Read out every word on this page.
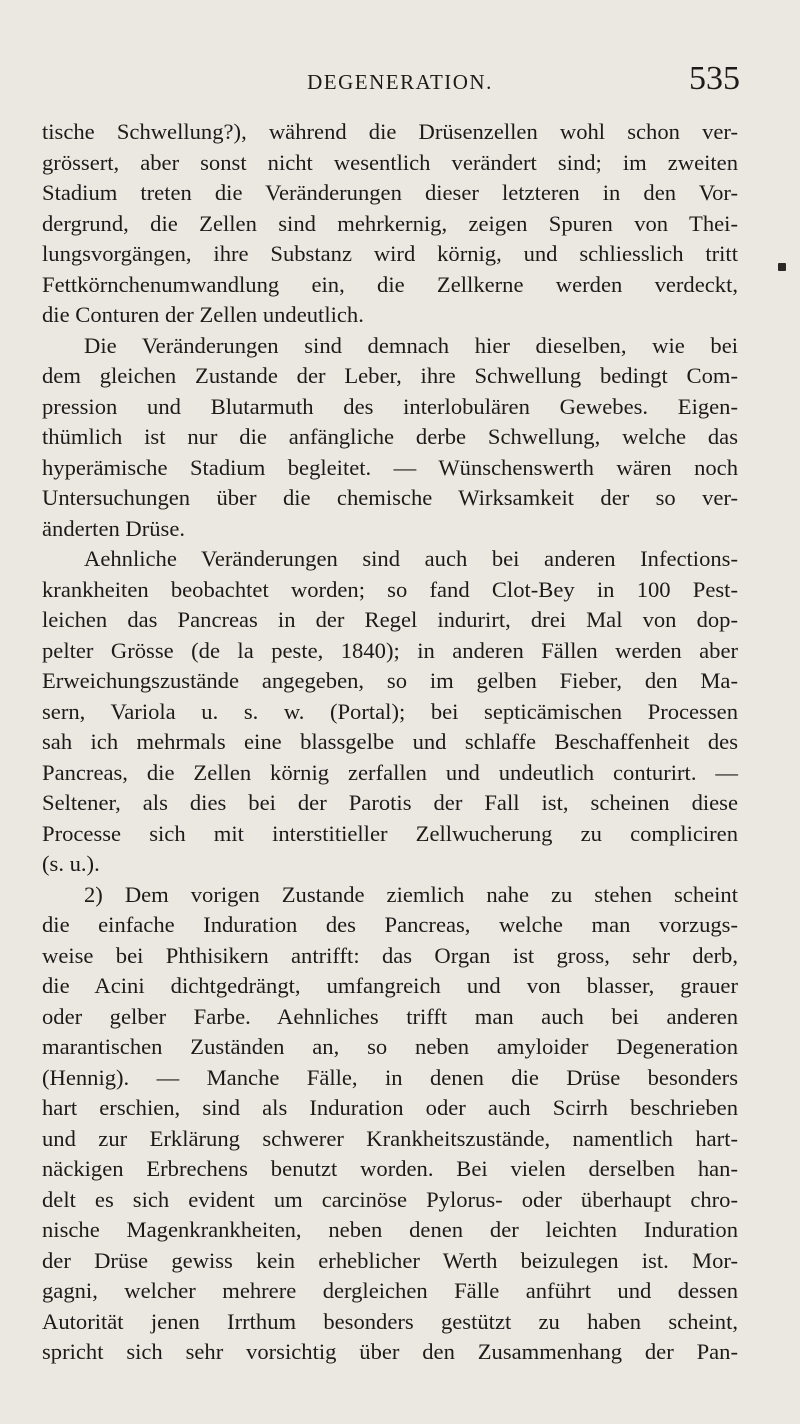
DEGENERATION.	535
tische Schwellung?), während die Drüsenzellen wohl schon ver-
grössert, aber sonst nicht wesentlich verändert sind; im zweiten
Stadium treten die Veränderungen dieser letzteren in den Vor-
dergrund, die Zellen sind mehrkernig, zeigen Spuren von Thei-
lungsvorgängen, ihre Substanz wird körnig, und schliesslich tritt
Fettkörnchenumwandlung ein, die Zellkerne werden verdeckt,
die Conturen der Zellen undeutlich.
Die Veränderungen sind demnach hier dieselben, wie bei
dem gleichen Zustande der Leber, ihre Schwellung bedingt Com-
pression und Blutarmuth des interlobulären Gewebes. Eigen-
thümlich ist nur die anfängliche derbe Schwellung, welche das
hyperämische Stadium begleitet. — Wünschenswerth wären noch
Untersuchungen über die chemische Wirksamkeit der so ver-
änderten Drüse.
Aehnliche Veränderungen sind auch bei anderen Infections-
krankheiten beobachtet worden; so fand Clot-Bey in 100 Pest-
leichen das Pancreas in der Regel indurirt, drei Mal von dop-
pelter Grösse (de la peste, 1840); in anderen Fällen werden aber
Erweichungszustände angegeben, so im gelben Fieber, den Ma-
sern, Variola u. s. w. (Portal); bei septicämischen Processen
sah ich mehrmals eine blassgelbe und schlaffe Beschaffenheit des
Pancreas, die Zellen körnig zerfallen und undeutlich conturirt. —
Seltener, als dies bei der Parotis der Fall ist, scheinen diese
Processe sich mit interstitieller Zellwucherung zu compliciren
(s. u.).
2) Dem vorigen Zustande ziemlich nahe zu stehen scheint
die einfache Induration des Pancreas, welche man vorzugs-
weise bei Phthisikern antrifft: das Organ ist gross, sehr derb,
die Acini dichtgedrängt, umfangreich und von blasser, grauer
oder gelber Farbe. Aehnliches trifft man auch bei anderen
marantischen Zuständen an, so neben amyloider Degeneration
(Hennig). — Manche Fälle, in denen die Drüse besonders
hart erschien, sind als Induration oder auch Scirrh beschrieben
und zur Erklärung schwerer Krankheitszustände, namentlich hart-
näckigen Erbrechens benutzt worden. Bei vielen derselben han-
delt es sich evident um carcinöse Pylorus- oder überhaupt chro-
nische Magenkrankheiten, neben denen der leichten Induration
der Drüse gewiss kein erheblicher Werth beizulegen ist. Mor-
gagni, welcher mehrere dergleichen Fälle anführt und dessen
Autorität jenen Irrthum besonders gestützt zu haben scheint,
spricht sich sehr vorsichtig über den Zusammenhang der Pan-
